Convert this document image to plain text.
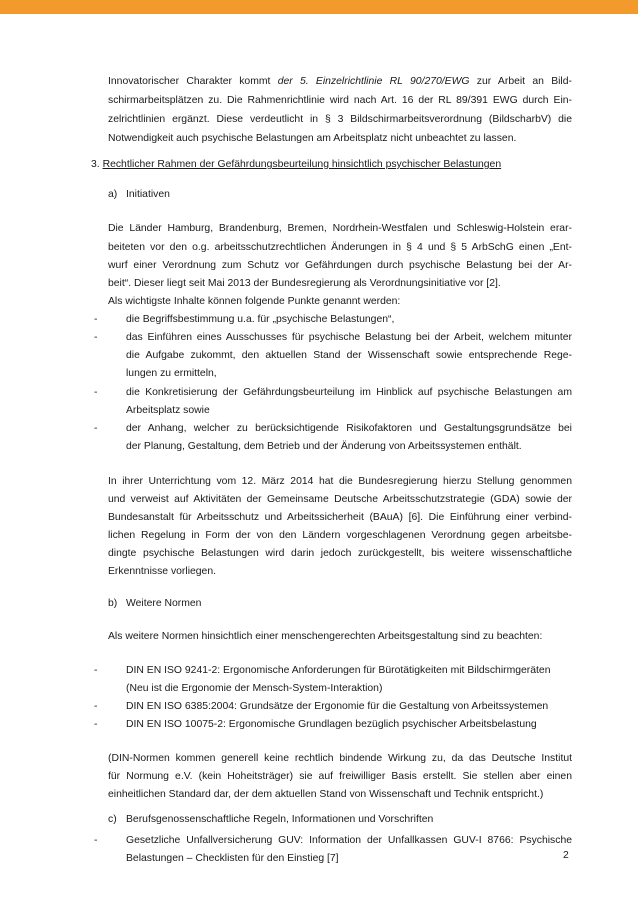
Innovatorischer Charakter kommt der 5. Einzelrichtlinie RL 90/270/EWG zur Arbeit an Bild-
schirmarbeitsplätzen zu. Die Rahmenrichtlinie wird nach Art. 16 der RL 89/391 EWG durch Ein-
zelrichtlinien ergänzt. Diese verdeutlicht in § 3 Bildschirmarbeitsverordnung (BildscharbV) die
Notwendigkeit auch psychische Belastungen am Arbeitsplatz nicht unbeachtet zu lassen.
3. Rechtlicher Rahmen der Gefährdungsbeurteilung hinsichtlich psychischer Belastungen
a) Initiativen
Die Länder Hamburg, Brandenburg, Bremen, Nordrhein-Westfalen und Schleswig-Holstein erar-
beiteten vor den o.g. arbeitsschutzrechtlichen Änderungen in § 4 und § 5 ArbSchG einen „Ent-
wurf einer Verordnung zum Schutz vor Gefährdungen durch psychische Belastung bei der Ar-
beit“. Dieser liegt seit Mai 2013 der Bundesregierung als Verordnungsinitiative vor [2].
Als wichtigste Inhalte können folgende Punkte genannt werden:
-	die Begriffsbestimmung u.a. für „psychische Belastungen“,
-	das Einführen eines Ausschusses für psychische Belastung bei der Arbeit, welchem mitunter
die Aufgabe zukommt, den aktuellen Stand der Wissenschaft sowie entsprechende Rege-
lungen zu ermitteln,
-	die Konkretisierung der Gefährdungsbeurteilung im Hinblick auf psychische Belastungen am
Arbeitsplatz sowie
-	der Anhang, welcher zu berücksichtigende Risikofaktoren und Gestaltungsgrundsätze bei
der Planung, Gestaltung, dem Betrieb und der Änderung von Arbeitssystemen enthält.
In ihrer Unterrichtung vom 12. März 2014 hat die Bundesregierung hierzu Stellung genommen
und verweist auf Aktivitäten der Gemeinsame Deutsche Arbeitsschutzstrategie (GDA) sowie der
Bundesanstalt für Arbeitsschutz und Arbeitssicherheit (BAuA) [6]. Die Einführung einer verbind-
lichen Regelung in Form der von den Ländern vorgeschlagenen Verordnung gegen arbeitsbe-
dingte psychische Belastungen wird darin jedoch zurückgestellt, bis weitere wissenschaftliche
Erkenntnisse vorliegen.
b) Weitere Normen
Als weitere Normen hinsichtlich einer menschengerechten Arbeitsgestaltung sind zu beachten:
-	DIN EN ISO 9241-2: Ergonomische Anforderungen für Bürotätigkeiten mit Bildschirmgeräten
(Neu ist die Ergonomie der Mensch-System-Interaktion)
-	DIN EN ISO 6385:2004: Grundsätze der Ergonomie für die Gestaltung von Arbeitssystemen
-	DIN EN ISO 10075-2: Ergonomische Grundlagen bezüglich psychischer Arbeitsbelastung
(DIN-Normen kommen generell keine rechtlich bindende Wirkung zu, da das Deutsche Institut
für Normung e.V. (kein Hoheitsträger) sie auf freiwilliger Basis erstellt. Sie stellen aber einen
einheitlichen Standard dar, der dem aktuellen Stand von Wissenschaft und Technik entspricht.)
c) Berufsgenossenschaftliche Regeln, Informationen und Vorschriften
-	Gesetzliche Unfallversicherung GUV: Information der Unfallkassen GUV-I 8766: Psychische
Belastungen – Checklisten für den Einstieg [7]	2
